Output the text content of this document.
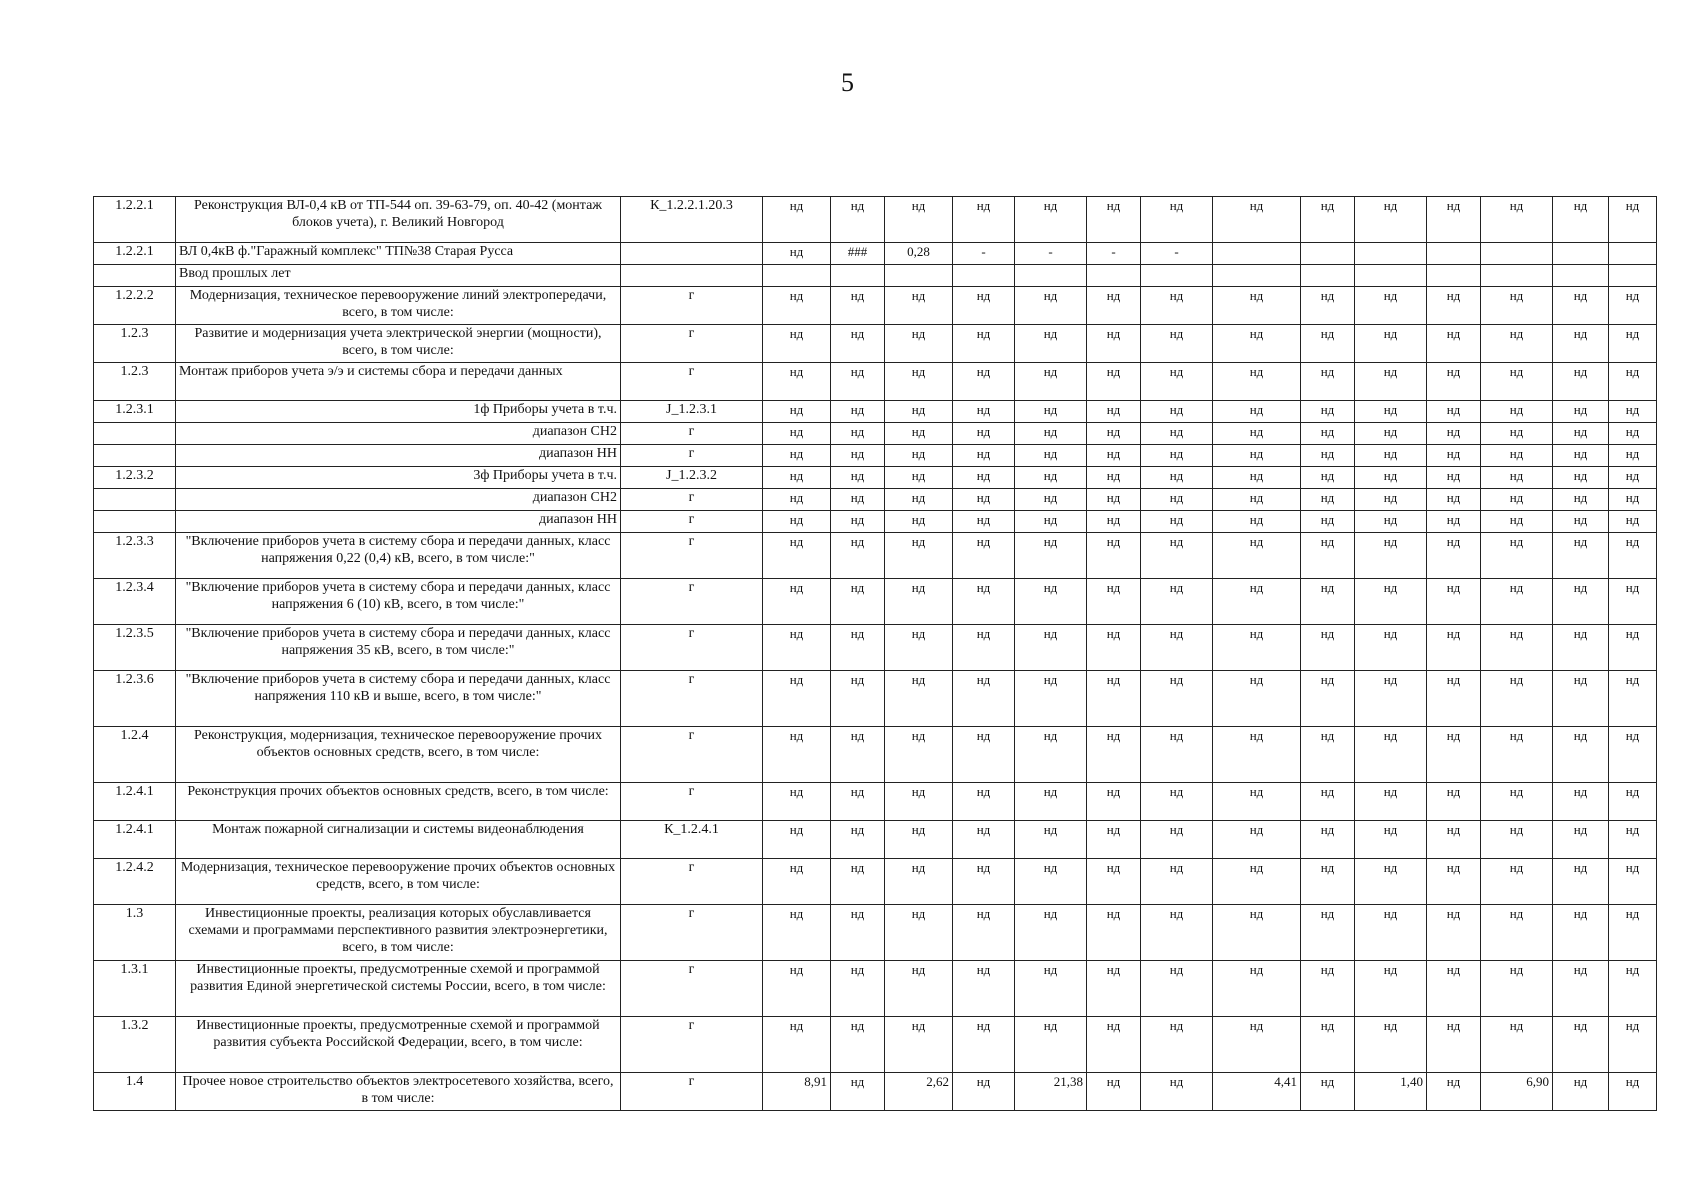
5
1.2.2.1	Реконструкция ВЛ-0,4 кВ от ТП-544 оп. 39-63-79, оп. 40-42 (монтаж блоков учета), г. Великий Новгород	К_1.2.2.1.20.3	нд	нд	нд	нд	нд	нд	нд	нд	нд	нд	нд	нд	нд	нд
1.2.2.1	ВЛ 0,4кВ ф."Гаражный комплекс" ТП№38 Старая Русса		нд	###	0,28	-	-	-	-							
	Ввод прошлых лет															
1.2.2.2	Модернизация, техническое перевооружение линий электропередачи, всего, в том числе:	г	нд	нд	нд	нд	нд	нд	нд	нд	нд	нд	нд	нд	нд	нд
1.2.3	Развитие и модернизация учета электрической энергии (мощности), всего, в том числе:	г	нд	нд	нд	нд	нд	нд	нд	нд	нд	нд	нд	нд	нд	нд
1.2.3	Монтаж приборов учета э/э и системы сбора и передачи данных	г	нд	нд	нд	нд	нд	нд	нд	нд	нд	нд	нд	нд	нд	нд
1.2.3.1	1ф Приборы учета в т.ч.	J_1.2.3.1	нд	нд	нд	нд	нд	нд	нд	нд	нд	нд	нд	нд	нд	нд
	диапазон СН2	г	нд	нд	нд	нд	нд	нд	нд	нд	нд	нд	нд	нд	нд	нд
	диапазон НН	г	нд	нд	нд	нд	нд	нд	нд	нд	нд	нд	нд	нд	нд	нд
1.2.3.2	3ф Приборы учета в т.ч.	J_1.2.3.2	нд	нд	нд	нд	нд	нд	нд	нд	нд	нд	нд	нд	нд	нд
	диапазон СН2	г	нд	нд	нд	нд	нд	нд	нд	нд	нд	нд	нд	нд	нд	нд
	диапазон НН	г	нд	нд	нд	нд	нд	нд	нд	нд	нд	нд	нд	нд	нд	нд
1.2.3.3	"Включение приборов учета в систему сбора и передачи данных, класс напряжения 0,22 (0,4) кВ, всего, в том числе:"	г	нд	нд	нд	нд	нд	нд	нд	нд	нд	нд	нд	нд	нд	нд
1.2.3.4	"Включение приборов учета в систему сбора и передачи данных, класс напряжения 6 (10) кВ, всего, в том числе:"	г	нд	нд	нд	нд	нд	нд	нд	нд	нд	нд	нд	нд	нд	нд
1.2.3.5	"Включение приборов учета в систему сбора и передачи данных, класс напряжения 35 кВ, всего, в том числе:"	г	нд	нд	нд	нд	нд	нд	нд	нд	нд	нд	нд	нд	нд	нд
1.2.3.6	"Включение приборов учета в систему сбора и передачи данных, класс напряжения 110 кВ и выше, всего, в том числе:"	г	нд	нд	нд	нд	нд	нд	нд	нд	нд	нд	нд	нд	нд	нд
1.2.4	Реконструкция, модернизация, техническое перевооружение прочих объектов основных средств, всего, в том числе:	г	нд	нд	нд	нд	нд	нд	нд	нд	нд	нд	нд	нд	нд	нд
1.2.4.1	Реконструкция прочих объектов основных средств, всего, в том числе:	г	нд	нд	нд	нд	нд	нд	нд	нд	нд	нд	нд	нд	нд	нд
1.2.4.1	Монтаж пожарной сигнализации и системы видеонаблюдения	К_1.2.4.1	нд	нд	нд	нд	нд	нд	нд	нд	нд	нд	нд	нд	нд	нд
1.2.4.2	Модернизация, техническое перевооружение прочих объектов основных средств, всего, в том числе:	г	нд	нд	нд	нд	нд	нд	нд	нд	нд	нд	нд	нд	нд	нд
1.3	Инвестиционные проекты, реализация которых обуславливается схемами и программами перспективного развития электроэнергетики, всего, в том числе:	г	нд	нд	нд	нд	нд	нд	нд	нд	нд	нд	нд	нд	нд	нд
1.3.1	Инвестиционные проекты, предусмотренные схемой и программой развития Единой энергетической системы России, всего, в том числе:	г	нд	нд	нд	нд	нд	нд	нд	нд	нд	нд	нд	нд	нд	нд
1.3.2	Инвестиционные проекты, предусмотренные схемой и программой развития субъекта Российской Федерации, всего, в том числе:	г	нд	нд	нд	нд	нд	нд	нд	нд	нд	нд	нд	нд	нд	нд
1.4	Прочее новое строительство объектов электросетевого хозяйства, всего, в том числе:	г	8,91	нд	2,62	нд	21,38	нд	нд	4,41	нд	1,40	нд	6,90	нд	нд
